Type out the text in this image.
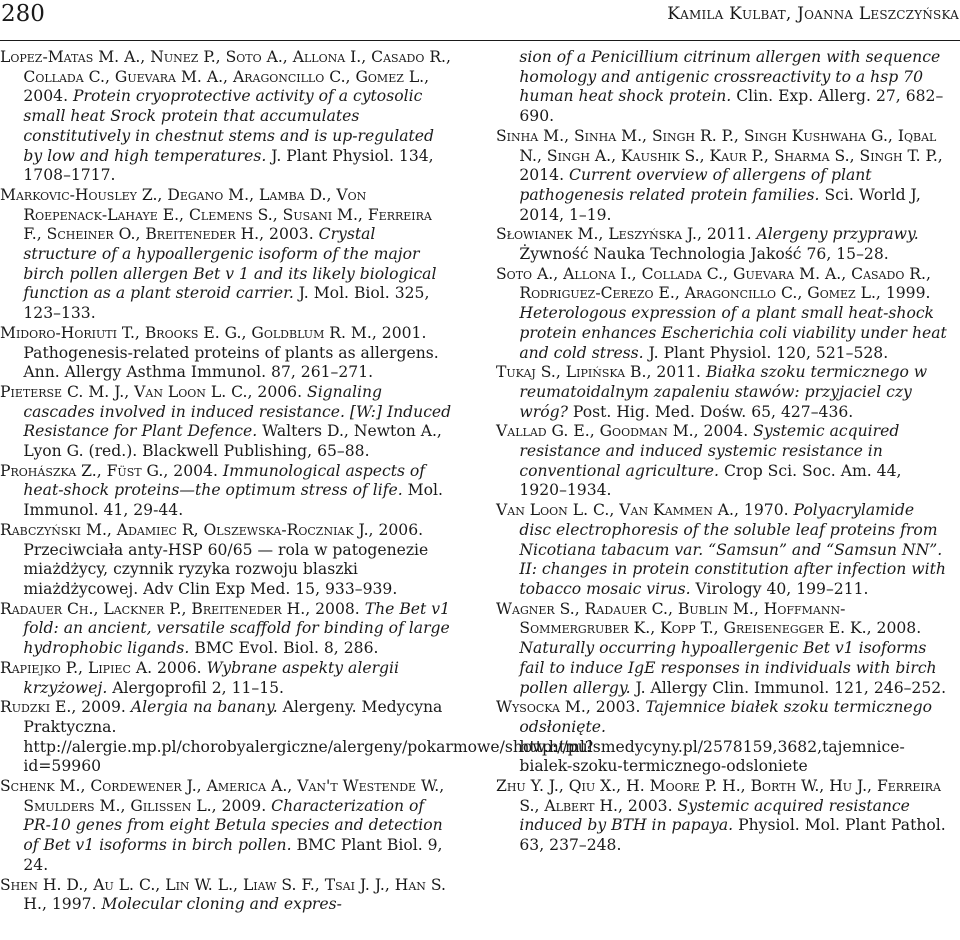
280	Kamila Kulbat, Joanna Leszczyńska

Lopez-Matas M. A., Nunez P., Soto A., Allona I., Casado R., Collada C., Guevara M. A., Aragoncillo C., Gomez L., 2004. Protein cryoprotective activity of a cytosolic small heat Srock protein that accumulates constitutively in chestnut stems and is up-regulated by low and high temperatures. J. Plant Physiol. 134, 1708–1717.

Markovic-Housley Z., Degano M., Lamba D., Von Roepenack-Lahaye E., Clemens S., Susani M., Ferreira F., Scheiner O., Breiteneder H., 2003. Crystal structure of a hypoallergenic isoform of the major birch pollen allergen Bet v 1 and its likely biological function as a plant steroid carrier. J. Mol. Biol. 325, 123–133.

Midoro-Horiuti T., Brooks E. G., Goldblum R. M., 2001. Pathogenesis-related proteins of plants as allergens. Ann. Allergy Asthma Immunol. 87, 261–271.

Pieterse C. M. J., Van Loon L. C., 2006. Signaling cascades involved in induced resistance. [W:] Induced Resistance for Plant Defence. Walters D., Newton A., Lyon G. (red.). Blackwell Publishing, 65–88.

Prohászka Z., Füst G., 2004. Immunological aspects of heat-shock proteins—the optimum stress of life. Mol. Immunol. 41, 29-44.

Rabczyński M., Adamiec R, Olszewska-Roczniak J., 2006. Przeciwciała anty-HSP 60/65 — rola w patogenezie miażdżycy, czynnik ryzyka rozwoju blaszki miażdżycowej. Adv Clin Exp Med. 15, 933–939.

Radauer Ch., Lackner P., Breiteneder H., 2008. The Bet v1 fold: an ancient, versatile scaffold for binding of large hydrophobic ligands. BMC Evol. Biol. 8, 286.

Rapiejko P., Lipiec A. 2006. Wybrane aspekty alergii krzyżowej. Alergoprofil 2, 11–15.

Rudzki E., 2009. Alergia na banany. Alergeny. Medycyna Praktyczna. http://alergie.mp.pl/chorobyalergiczne/alergeny/pokarmowe/show.html?id=59960

Schenk M., Cordewener J., America A., Van't Westende W., Smulders M., Gilissen L., 2009. Characterization of PR-10 genes from eight Betula species and detection of Bet v1 isoforms in birch pollen. BMC Plant Biol. 9, 24.

Shen H. D., Au L. C., Lin W. L., Liaw S. F., Tsai J. J., Han S. H., 1997. Molecular cloning and expres-

sion of a Penicillium citrinum allergen with sequence homology and antigenic crossreactivity to a hsp 70 human heat shock protein. Clin. Exp. Allerg. 27, 682–690.

Sinha M., Sinha M., Singh R. P., Singh Kushwaha G., Iqbal N., Singh A., Kaushik S., Kaur P., Sharma S., Singh T. P., 2014. Current overview of allergens of plant pathogenesis related protein families. Sci. World J, 2014, 1–19.

Słowianek M., Leszyńska J., 2011. Alergeny przyprawy. Żywność Nauka Technologia Jakość 76, 15–28.

Soto A., Allona I., Collada C., Guevara M. A., Casado R., Rodriguez-Cerezo E., Aragoncillo C., Gomez L., 1999. Heterologous expression of a plant small heat-shock protein enhances Escherichia coli viability under heat and cold stress. J. Plant Physiol. 120, 521–528.

Tukaj S., Lipińska B., 2011. Białka szoku termicznego w reumatoidalnym zapaleniu stawów: przyjaciel czy wróg? Post. Hig. Med. Dośw. 65, 427–436.

Vallad G. E., Goodman M., 2004. Systemic acquired resistance and induced systemic resistance in conventional agriculture. Crop Sci. Soc. Am. 44, 1920–1934.

Van Loon L. C., Van Kammen A., 1970. Polyacrylamide disc electrophoresis of the soluble leaf proteins from Nicotiana tabacum var. “Samsun” and “Samsun NN”. II: changes in protein constitution after infection with tobacco mosaic virus. Virology 40, 199–211.

Wagner S., Radauer C., Bublin M., Hoffmann-Sommergruber K., Kopp T., Greisenegger E. K., 2008. Naturally occurring hypoallergenic Bet v1 isoforms fail to induce IgE responses in individuals with birch pollen allergy. J. Allergy Clin. Immunol. 121, 246–252.

Wysocka M., 2003. Tajemnice białek szoku termicznego odsłonięte. http://pulsmedycyny.pl/2578159,3682,tajemnice-bialek-szoku-termicznego-odsloniete

Zhu Y. J., Qiu X., H. Moore P. H., Borth W., Hu J., Ferreira S., Albert H., 2003. Systemic acquired resistance induced by BTH in papaya. Physiol. Mol. Plant Pathol. 63, 237–248.
